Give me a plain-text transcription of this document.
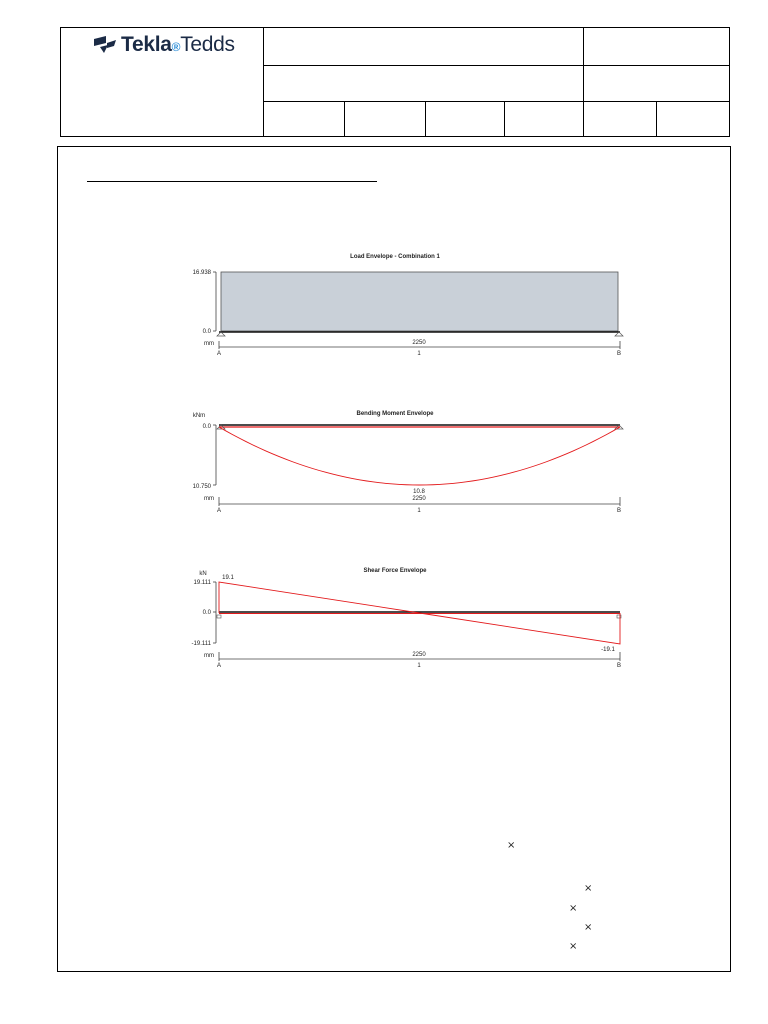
Tekla®Tedds
Load Envelope - Combination 1
16.938
0.0
mm	2250
1
A	B
Bending Moment Envelope
kNm
0.0
10.750
10.8
mm	2250
1
A	B
Shear Force Envelope
kN
19.111
0.0
-19.111
19.1
-19.1
mm	2250
1
A	B
×
×
×
×
×
